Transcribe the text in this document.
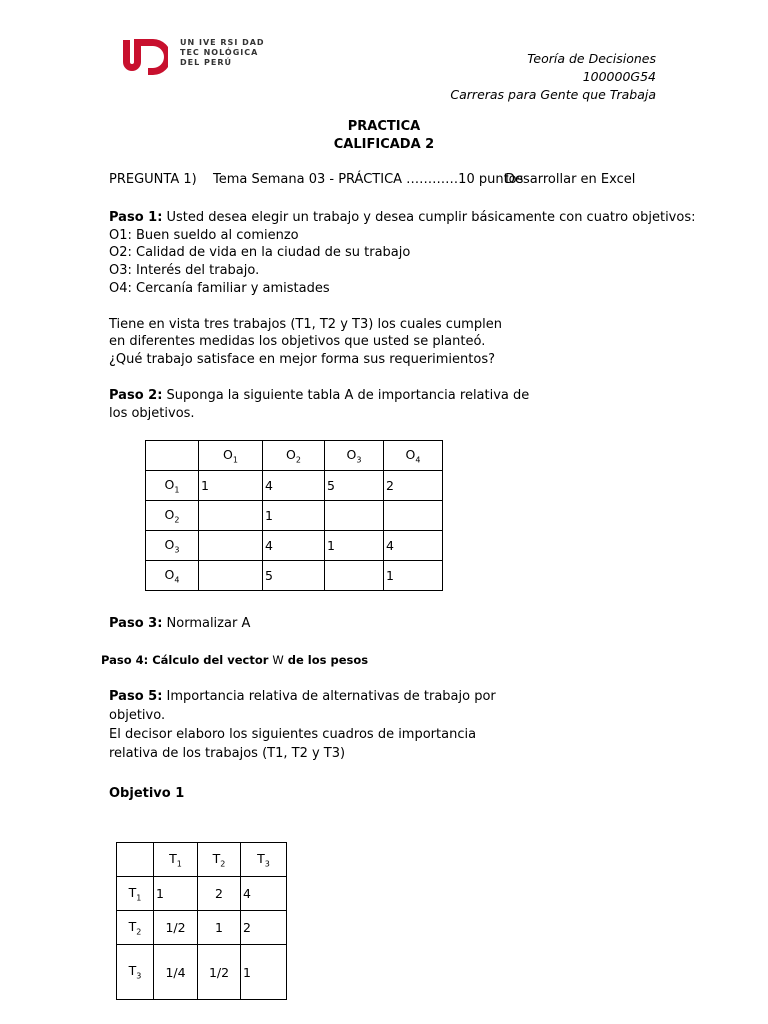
UN IVE RSI DAD
TEC NOLÓGICA
DEL PERÚ	Teoría de Decisiones
100000G54
Carreras para Gente que Trabaja
PRACTICA
CALIFICADA 2
PREGUNTA 1) Tema Semana 03 - PRÁCTICA …………10 puntosDesarrollar en Excel
Paso 1: Usted desea elegir un trabajo y desea cumplir básicamente con cuatro objetivos:
O1: Buen sueldo al comienzo
O2: Calidad de vida en la ciudad de su trabajo
O3: Interés del trabajo.
O4: Cercanía familiar y amistades
Tiene en vista tres trabajos (T1, T2 y T3) los cuales cumplen
en diferentes medidas los objetivos que usted se planteó.
¿Qué trabajo satisface en mejor forma sus requerimientos?
Paso 2: Suponga la siguiente tabla A de importancia relativa de
los objetivos.
	$O_1$	$O_2$	$O_3$	$O_4$
$O_1$	1	4	5	2
$O_2$		1		
$O_3$		4	1	4
$O_4$		5		1
Paso 3: Normalizar A
Paso 4: Cálculo del vector W de los pesos
Paso 5: Importancia relativa de alternativas de trabajo por
objetivo.
El decisor elaboro los siguientes cuadros de importancia
relativa de los trabajos (T1, T2 y T3)
Objetivo 1
	$T_1$	$T_2$	$T_3$
$T_1$	1	2	4
$T_2$	1/2	1	2
$T_3$	1/4	1/2	1
